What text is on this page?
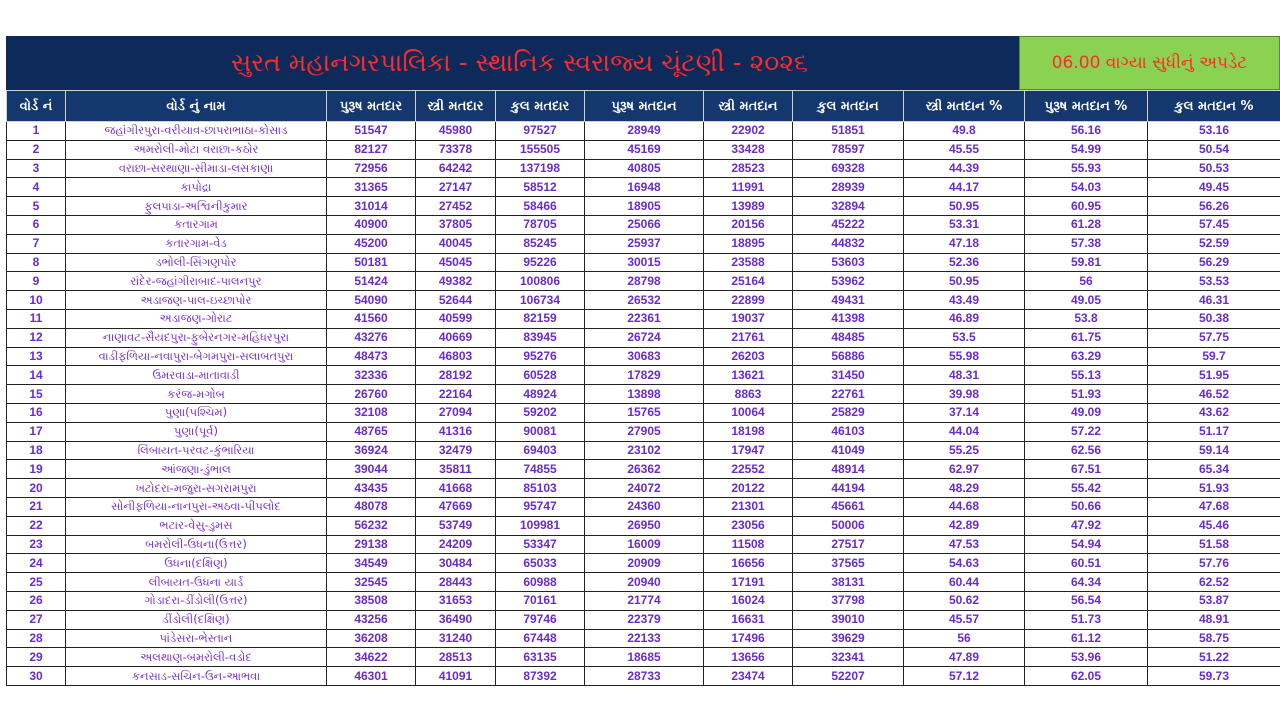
સુરત મહાનગરપાલિકા - સ્થાનિક સ્વરાજ્ય ચૂંટણી - ૨૦૨૬	06.00 વાગ્યા સુધીનું અપડેટ
વોર્ડ નં	વોર્ડ નું નામ	પુરૂષ મતદાર	સ્ત્રી મતદાર	કુલ મતદાર	પુરૂષ મતદાન	સ્ત્રી મતદાન	કુલ મતદાન	સ્ત્રી મતદાન %	પુરૂષ મતદાન %	કુલ મતદાન %
1	જહાંગીરપુરા-વરીયાવ-છાપરાભાઠા-કોસાડ	51547	45980	97527	28949	22902	51851	49.8	56.16	53.16
2	અમરોલી-મોટા વરાછા-કઠોર	82127	73378	155505	45169	33428	78597	45.55	54.99	50.54
3	વરાછા-સરથાણા-સીમાડા-લસકાણા	72956	64242	137198	40805	28523	69328	44.39	55.93	50.53
4	કાપોદ્રા	31365	27147	58512	16948	11991	28939	44.17	54.03	49.45
5	ફુલપાડા-અશ્વિનીકુમાર	31014	27452	58466	18905	13989	32894	50.95	60.95	56.26
6	કતારગામ	40900	37805	78705	25066	20156	45222	53.31	61.28	57.45
7	કતારગામ-વેડ	45200	40045	85245	25937	18895	44832	47.18	57.38	52.59
8	ડભોલી-સિંગણપોર	50181	45045	95226	30015	23588	53603	52.36	59.81	56.29
9	રાંદેર-જહાંગીરાબાદ-પાલનપુર	51424	49382	100806	28798	25164	53962	50.95	56	53.53
10	અડાજણ-પાલ-ઇચ્છાપોર	54090	52644	106734	26532	22899	49431	43.49	49.05	46.31
11	અડાજણ-ગોરાટ	41560	40599	82159	22361	19037	41398	46.89	53.8	50.38
12	નાણાવટ-સૈયદપુરા-ફુબેરનગર-મહિધરપુરા	43276	40669	83945	26724	21761	48485	53.5	61.75	57.75
13	વાડીફળિયા-નવાપુરા-બેગમપુરા-સલાબતપુરા	48473	46803	95276	30683	26203	56886	55.98	63.29	59.7
14	ઉમરવાડા-માતાવાડી	32336	28192	60528	17829	13621	31450	48.31	55.13	51.95
15	કરંજ-મગોબ	26760	22164	48924	13898	8863	22761	39.98	51.93	46.52
16	પુણા(પશ્ચિમ)	32108	27094	59202	15765	10064	25829	37.14	49.09	43.62
17	પુણા(પૂર્વ)	48765	41316	90081	27905	18198	46103	44.04	57.22	51.17
18	લિંબાયત-પરવટ-કુંભારિયા	36924	32479	69403	23102	17947	41049	55.25	62.56	59.14
19	આંજણા-ડુંભાલ	39044	35811	74855	26362	22552	48914	62.97	67.51	65.34
20	ખટોદરા-મજુરા-સગરામપુરા	43435	41668	85103	24072	20122	44194	48.29	55.42	51.93
21	સોનીફળિયા-નાનપુરા-અઠવા-પીપલોદ	48078	47669	95747	24360	21301	45661	44.68	50.66	47.68
22	ભટાર-વેસુ-ડુમસ	56232	53749	109981	26950	23056	50006	42.89	47.92	45.46
23	બમરોલી-ઉધના(ઉત્તર)	29138	24209	53347	16009	11508	27517	47.53	54.94	51.58
24	ઉધના(દક્ષિણ)	34549	30484	65033	20909	16656	37565	54.63	60.51	57.76
25	લીબાયત-ઉધના યાર્ડ	32545	28443	60988	20940	17191	38131	60.44	64.34	62.52
26	ગોડાદરા-ડીંડોલી(ઉત્તર)	38508	31653	70161	21774	16024	37798	50.62	56.54	53.87
27	ડીંડોલી(દક્ષિણ)	43256	36490	79746	22379	16631	39010	45.57	51.73	48.91
28	પાંડેસરા-ભેસ્તાન	36208	31240	67448	22133	17496	39629	56	61.12	58.75
29	અલથાણ-બમરોલી-વડોદ	34622	28513	63135	18685	13656	32341	47.89	53.96	51.22
30	કનસાડ-સચિન-ઉન-આભવા	46301	41091	87392	28733	23474	52207	57.12	62.05	59.73
